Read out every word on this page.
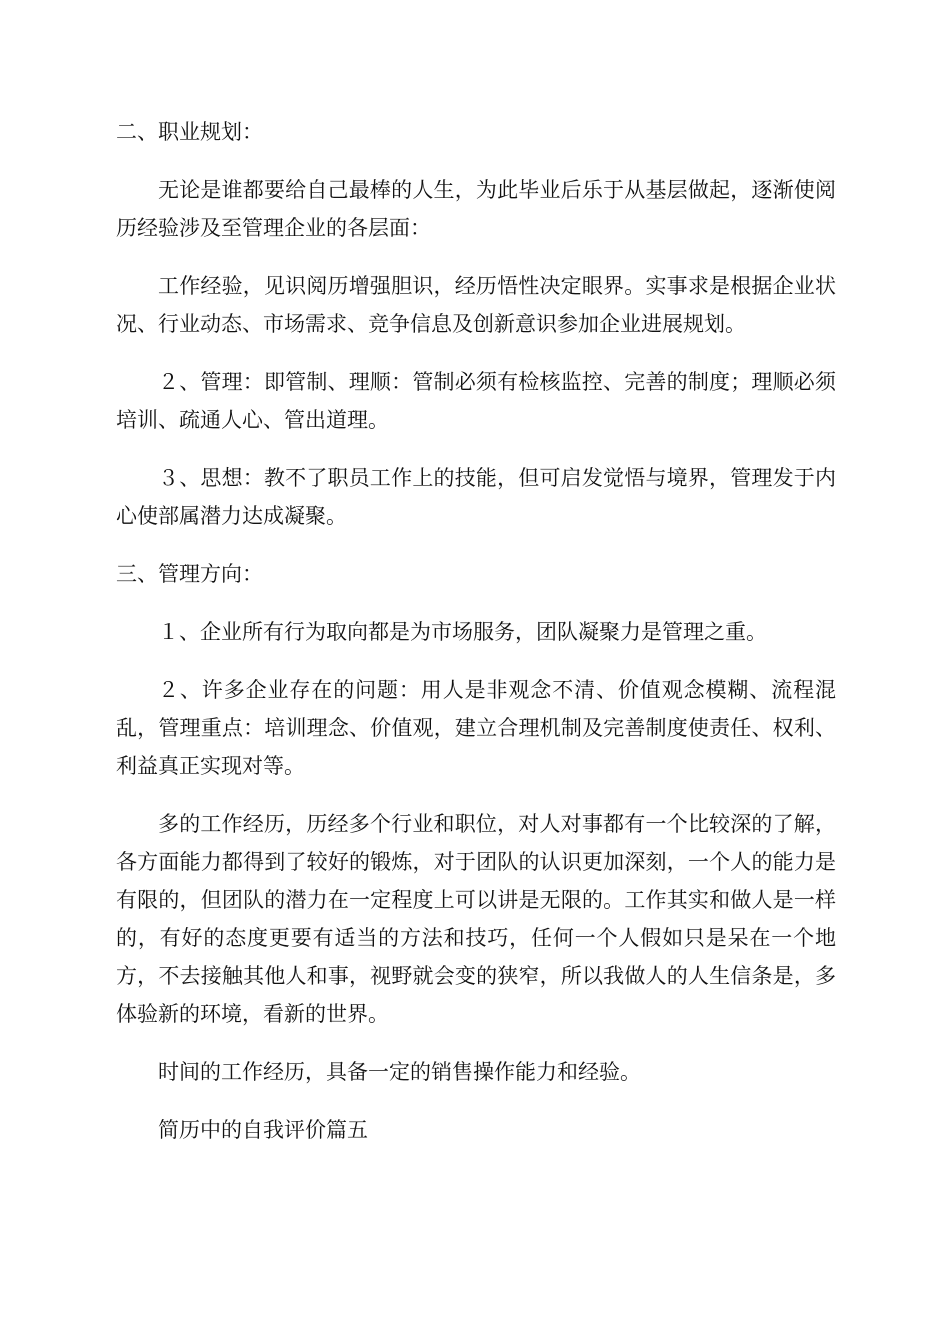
二、职业规划：

无论是谁都要给自己最棒的人生，为此毕业后乐于从基层做起，逐渐使阅历经验涉及至管理企业的各层面：

工作经验，见识阅历增强胆识，经历悟性决定眼界。实事求是根据企业状况、行业动态、市场需求、竞争信息及创新意识参加企业进展规划。

２、管理：即管制、理顺：管制必须有检核监控、完善的制度；理顺必须培训、疏通人心、管出道理。

３、思想：教不了职员工作上的技能，但可启发觉悟与境界，管理发于内心使部属潜力达成凝聚。

三、管理方向：

１、企业所有行为取向都是为市场服务，团队凝聚力是管理之重。

２、许多企业存在的问题：用人是非观念不清、价值观念模糊、流程混乱，管理重点：培训理念、价值观，建立合理机制及完善制度使责任、权利、利益真正实现对等。

多的工作经历，历经多个行业和职位，对人对事都有一个比较深的了解，各方面能力都得到了较好的锻炼，对于团队的认识更加深刻，一个人的能力是有限的，但团队的潜力在一定程度上可以讲是无限的。工作其实和做人是一样的，有好的态度更要有适当的方法和技巧，任何一个人假如只是呆在一个地方，不去接触其他人和事，视野就会变的狭窄，所以我做人的人生信条是，多体验新的环境，看新的世界。

时间的工作经历，具备一定的销售操作能力和经验。

简历中的自我评价篇五
